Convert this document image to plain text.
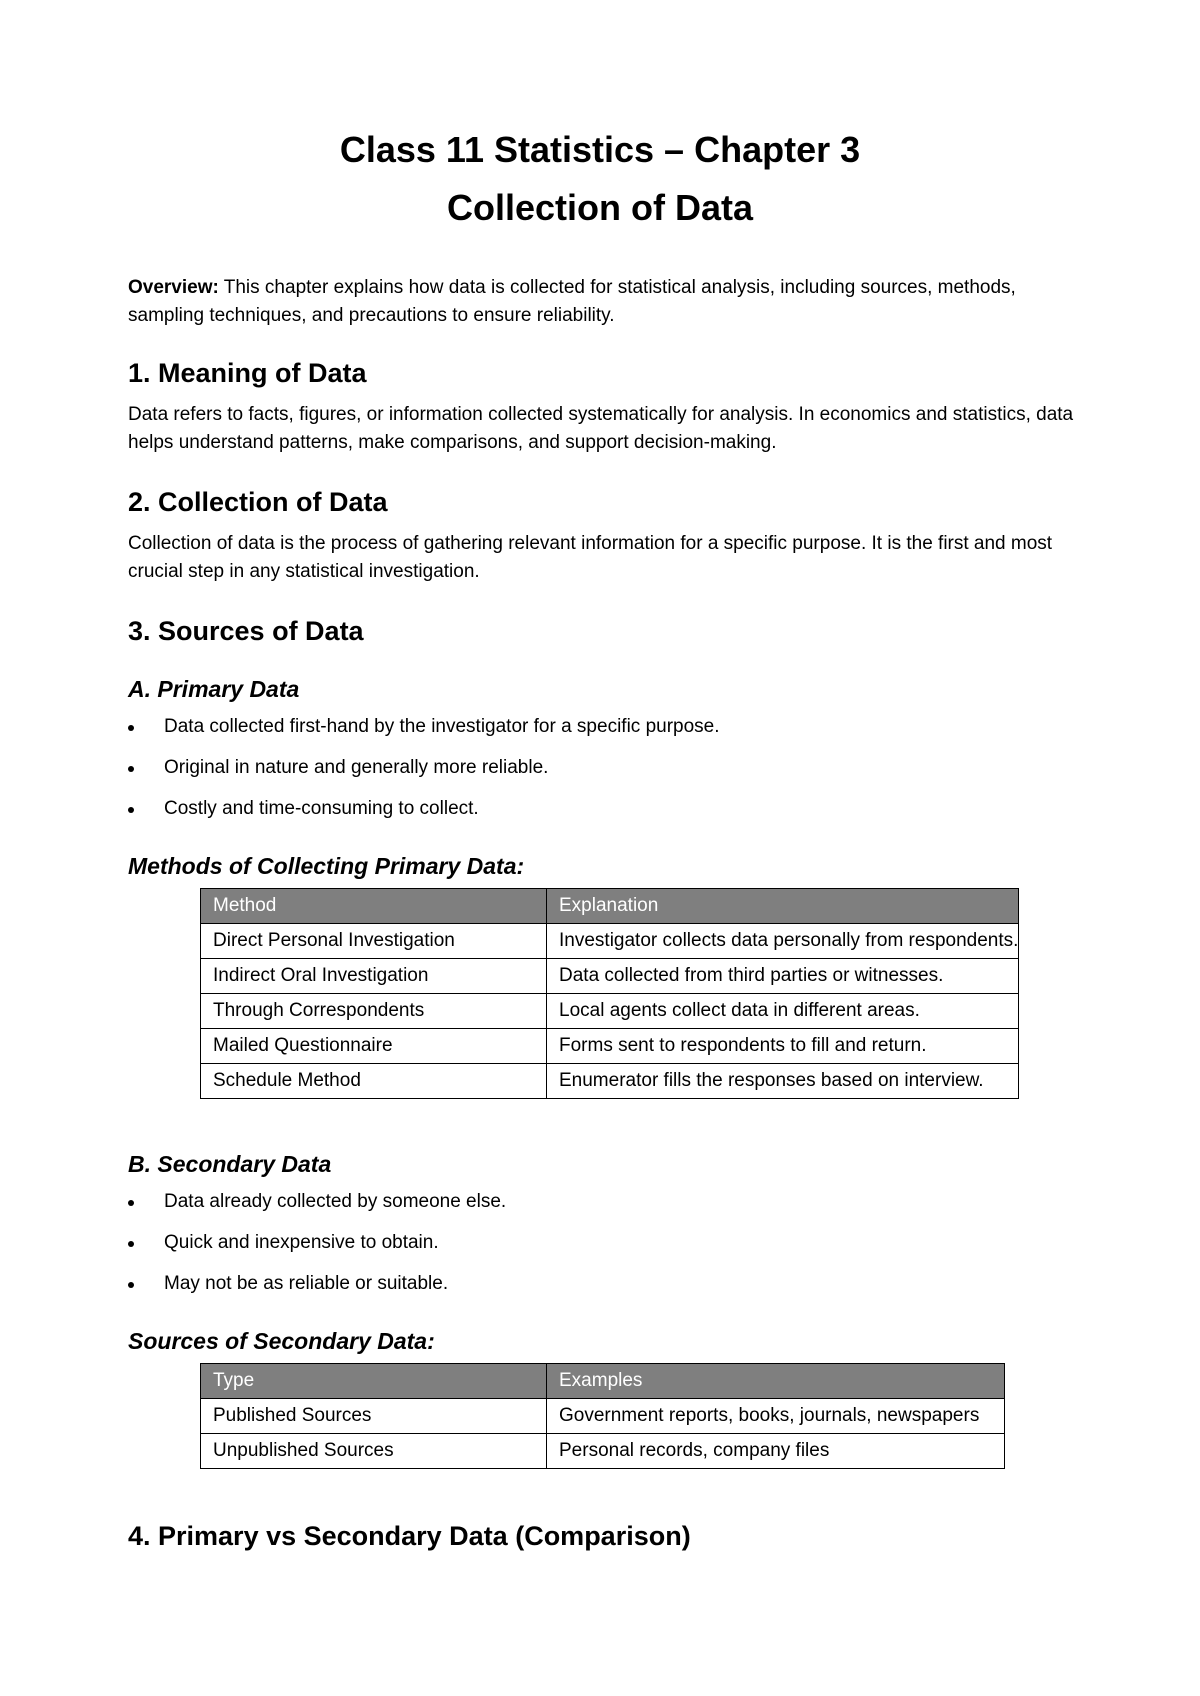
Class 11 Statistics – Chapter 3
Collection of Data

Overview: This chapter explains how data is collected for statistical analysis, including sources, methods, sampling techniques, and precautions to ensure reliability.

1. Meaning of Data

Data refers to facts, figures, or information collected systematically for analysis. In economics and statistics, data helps understand patterns, make comparisons, and support decision-making.

2. Collection of Data

Collection of data is the process of gathering relevant information for a specific purpose. It is the first and most crucial step in any statistical investigation.

3. Sources of Data
A. Primary Data
Data collected first-hand by the investigator for a specific purpose.
Original in nature and generally more reliable.
Costly and time-consuming to collect.
Methods of Collecting Primary Data:
Method	Explanation
Direct Personal Investigation	Investigator collects data personally from respondents.
Indirect Oral Investigation	Data collected from third parties or witnesses.
Through Correspondents	Local agents collect data in different areas.
Mailed Questionnaire	Forms sent to respondents to fill and return.
Schedule Method	Enumerator fills the responses based on interview.
B. Secondary Data
Data already collected by someone else.
Quick and inexpensive to obtain.
May not be as reliable or suitable.
Sources of Secondary Data:
Type	Examples
Published Sources	Government reports, books, journals, newspapers
Unpublished Sources	Personal records, company files
4. Primary vs Secondary Data (Comparison)
